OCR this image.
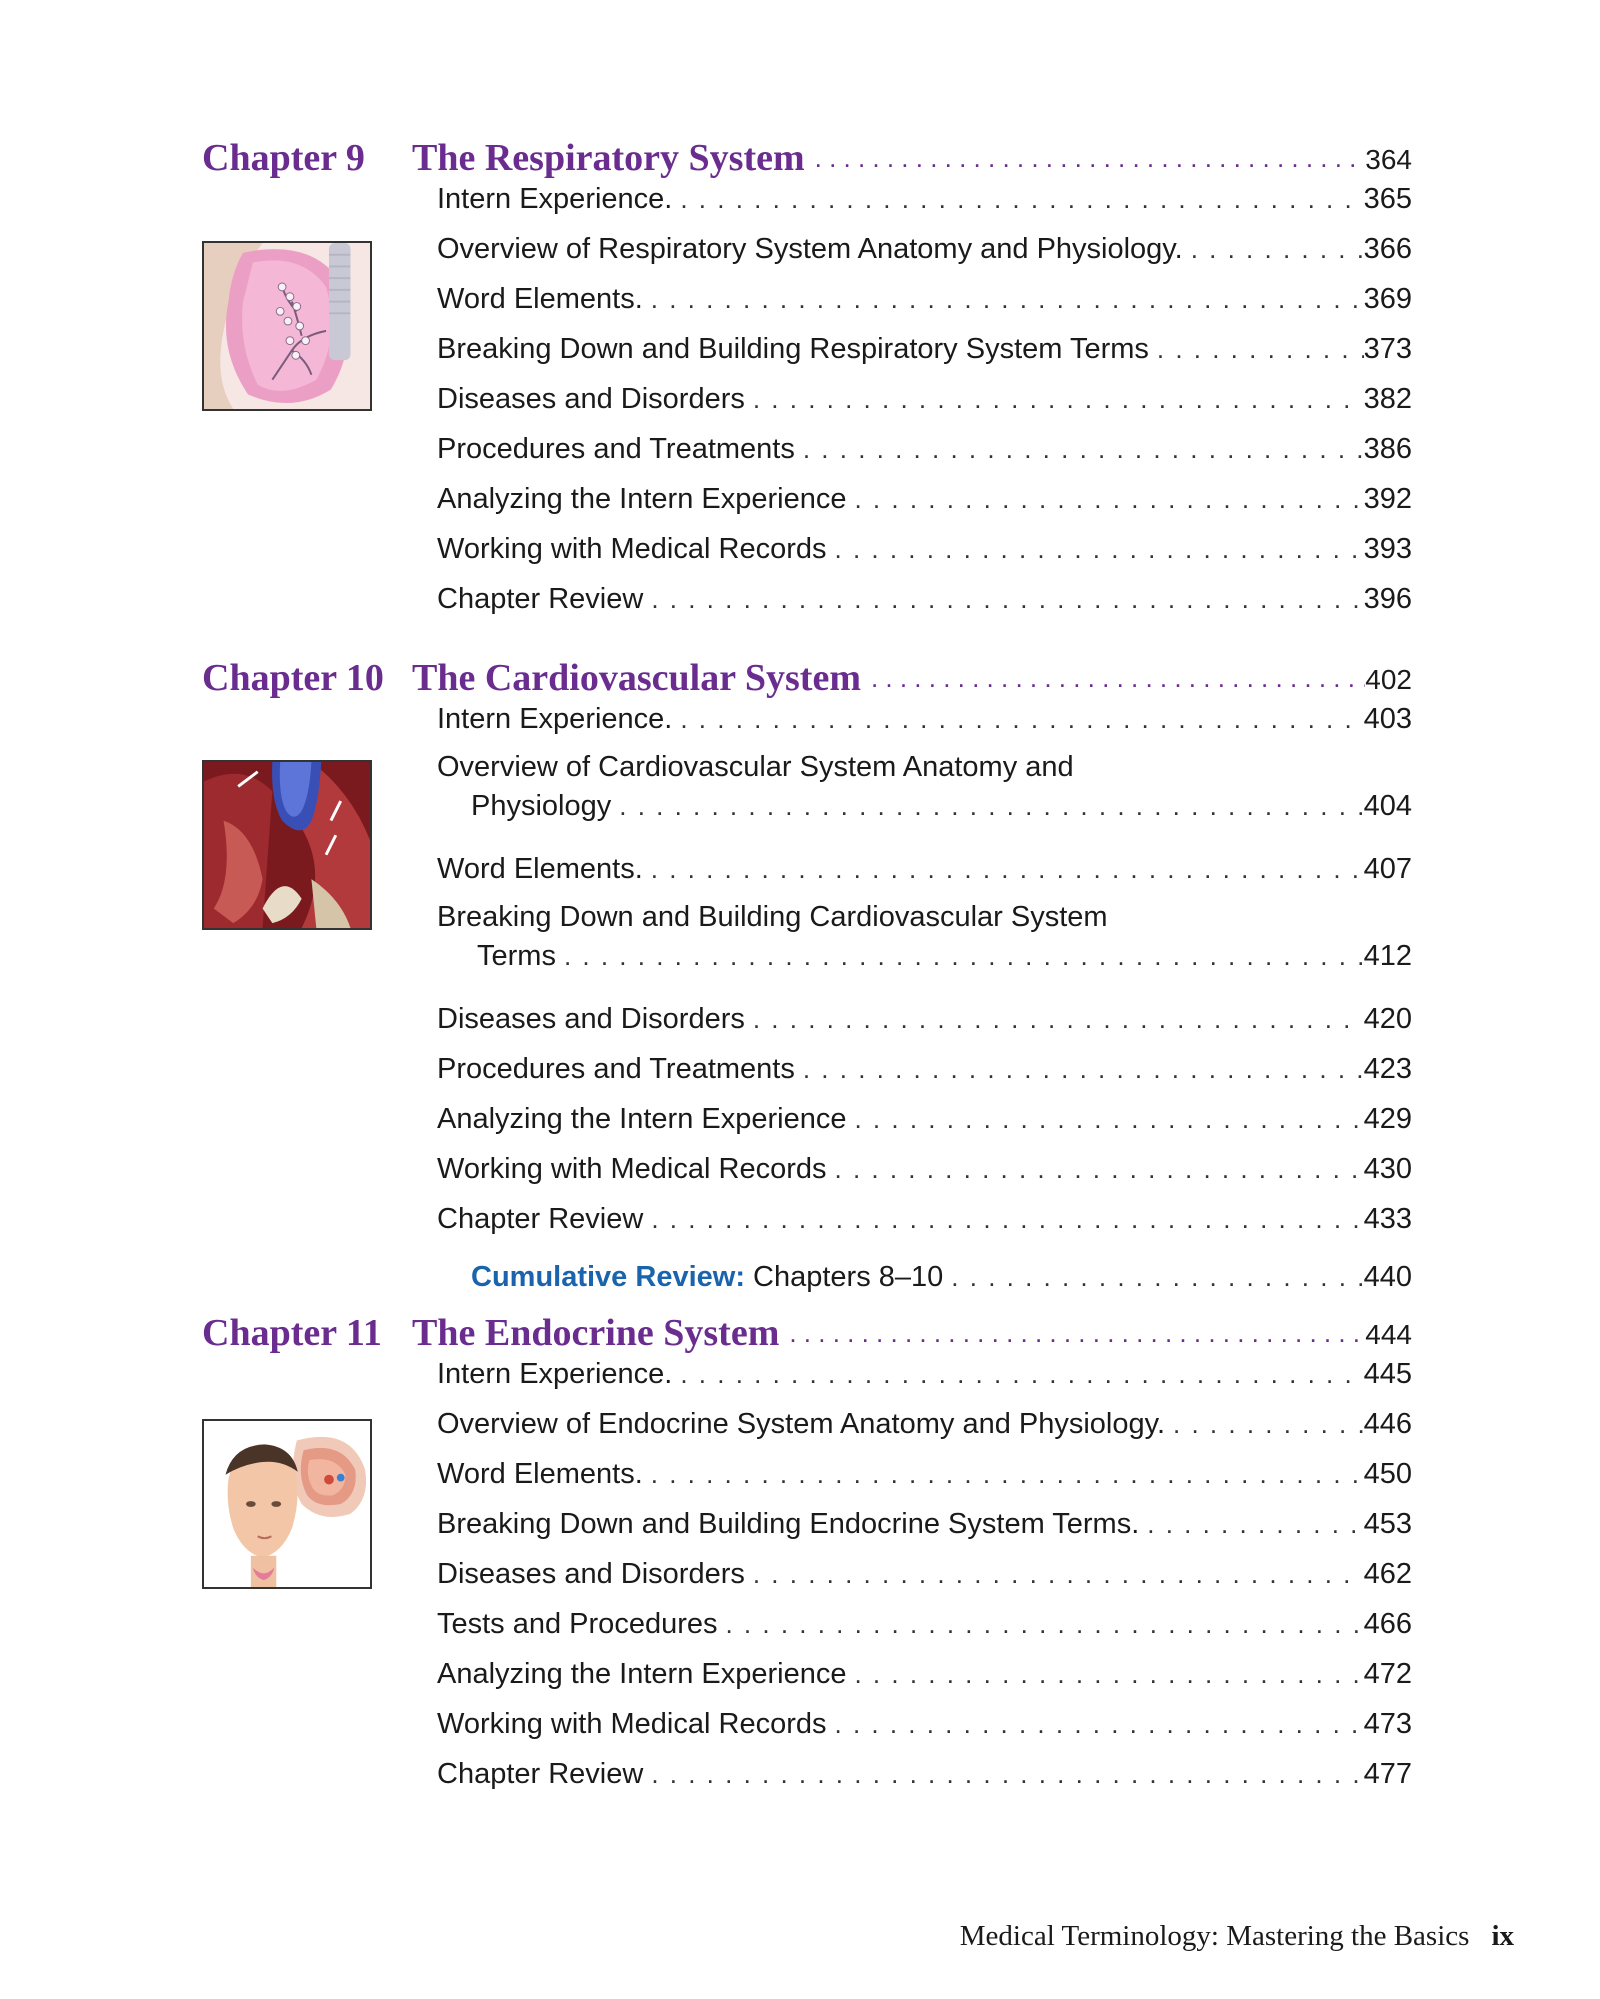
Chapter 9	The Respiratory System . . .	364
Intern Experience. . . .	365
Overview of Respiratory System Anatomy and Physiology. . . .	366
Word Elements. . . .	369
Breaking Down and Building Respiratory System Terms . . .	373
Diseases and Disorders . . .	382
Procedures and Treatments . . .	386
Analyzing the Intern Experience . . .	392
Working with Medical Records . . .	393
Chapter Review . . .	396
Chapter 10 The Cardiovascular System . . .	402
Intern Experience. . . .	403
Overview of Cardiovascular System Anatomy and
Physiology . . .	404
Word Elements. . . .	407
Breaking Down and Building Cardiovascular System
Terms . . .	412
Diseases and Disorders . . .	420
Procedures and Treatments . . .	423
Analyzing the Intern Experience . . .	429
Working with Medical Records . . .	430
Chapter Review . . .	433
Cumulative Review: Chapters 8–10 . . .	440
Chapter 11 The Endocrine System . . .	444
Intern Experience. . . .	445
Overview of Endocrine System Anatomy and Physiology. . . .	446
Word Elements. . . .	450
Breaking Down and Building Endocrine System Terms. . . .	453
Diseases and Disorders . . .	462
Tests and Procedures . . .	466
Analyzing the Intern Experience . . .	472
Working with Medical Records . . .	473
Chapter Review . . .	477
Medical Terminology: Mastering the Basics ix
